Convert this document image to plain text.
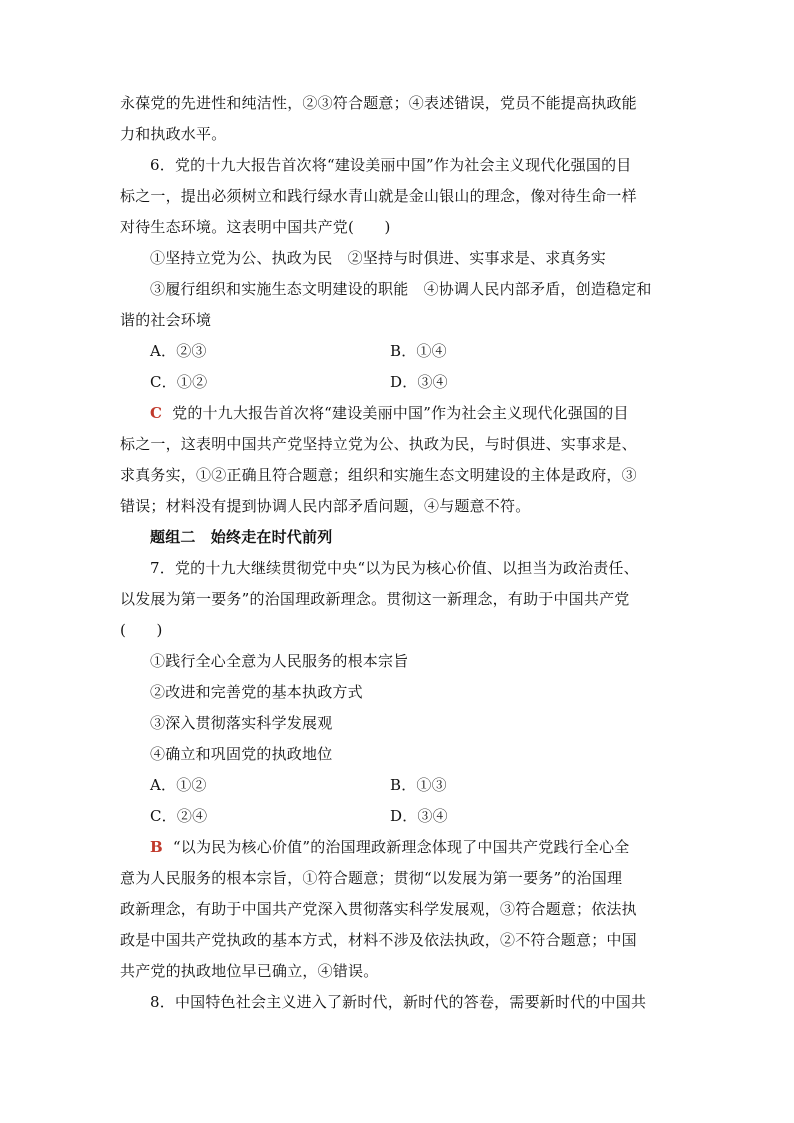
永葆党的先进性和纯洁性，②③符合题意；④表述错误，党员不能提高执政能
力和执政水平。
6．党的十九大报告首次将“建设美丽中国”作为社会主义现代化强国的目
标之一，提出必须树立和践行绿水青山就是金山银山的理念，像对待生命一样
对待生态环境。这表明中国共产党(　　)
①坚持立党为公、执政为民　②坚持与时俱进、实事求是、求真务实
③履行组织和实施生态文明建设的职能　④协调人民内部矛盾，创造稳定和
谐的社会环境
A．②③	B．①④
C．①②	D．③④
C 党的十九大报告首次将“建设美丽中国”作为社会主义现代化强国的目
标之一，这表明中国共产党坚持立党为公、执政为民，与时俱进、实事求是、
求真务实，①②正确且符合题意；组织和实施生态文明建设的主体是政府，③
错误；材料没有提到协调人民内部矛盾问题，④与题意不符。
题组二　始终走在时代前列
7．党的十九大继续贯彻党中央“以为民为核心价值、以担当为政治责任、
以发展为第一要务”的治国理政新理念。贯彻这一新理念，有助于中国共产党
(　　)
①践行全心全意为人民服务的根本宗旨
②改进和完善党的基本执政方式
③深入贯彻落实科学发展观
④确立和巩固党的执政地位
A．①②	B．①③
C．②④	D．③④
B “以为民为核心价值”的治国理政新理念体现了中国共产党践行全心全
意为人民服务的根本宗旨，①符合题意；贯彻“以发展为第一要务”的治国理
政新理念，有助于中国共产党深入贯彻落实科学发展观，③符合题意；依法执
政是中国共产党执政的基本方式，材料不涉及依法执政，②不符合题意；中国
共产党的执政地位早已确立，④错误。
8．中国特色社会主义进入了新时代，新时代的答卷，需要新时代的中国共
